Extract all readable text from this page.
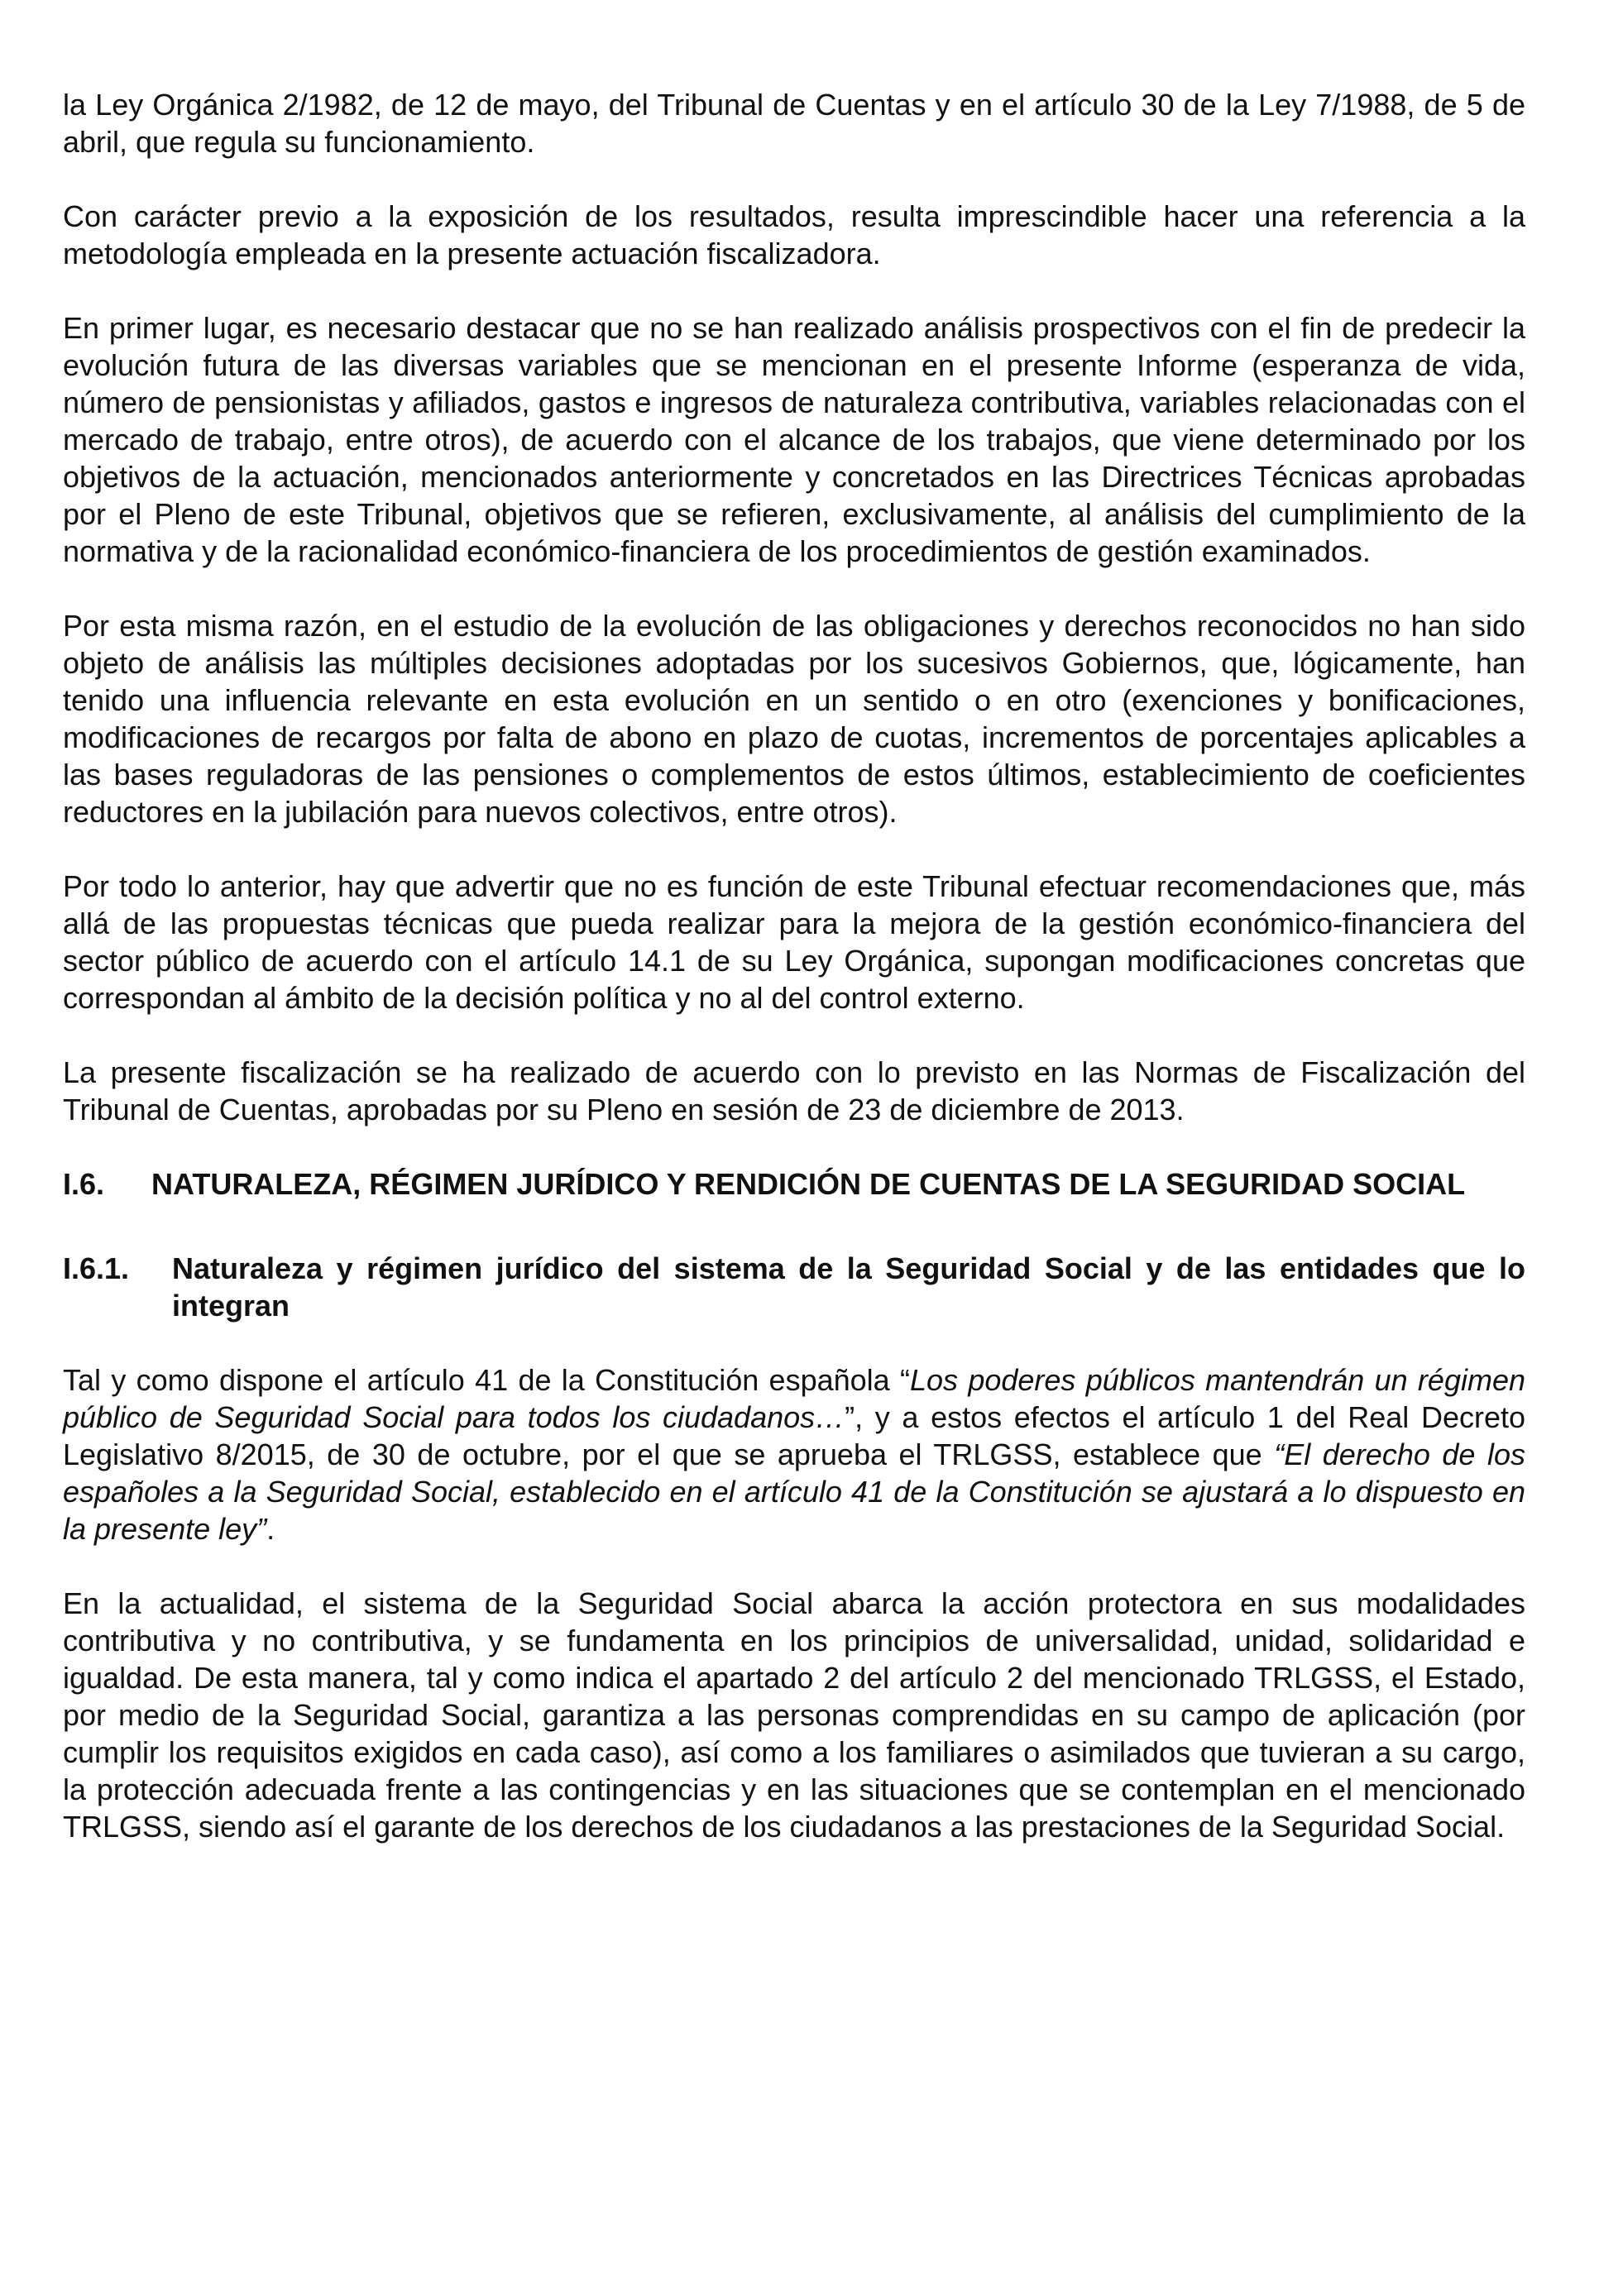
la Ley Orgánica 2/1982, de 12 de mayo, del Tribunal de Cuentas y en el artículo 30 de la Ley 7/1988, de 5 de abril, que regula su funcionamiento.

Con carácter previo a la exposición de los resultados, resulta imprescindible hacer una referencia a la metodología empleada en la presente actuación fiscalizadora.

En primer lugar, es necesario destacar que no se han realizado análisis prospectivos con el fin de predecir la evolución futura de las diversas variables que se mencionan en el presente Informe (esperanza de vida, número de pensionistas y afiliados, gastos e ingresos de naturaleza contributiva, variables relacionadas con el mercado de trabajo, entre otros), de acuerdo con el alcance de los trabajos, que viene determinado por los objetivos de la actuación, mencionados anteriormente y concretados en las Directrices Técnicas aprobadas por el Pleno de este Tribunal, objetivos que se refieren, exclusivamente, al análisis del cumplimiento de la normativa y de la racionalidad económico-financiera de los procedimientos de gestión examinados.

Por esta misma razón, en el estudio de la evolución de las obligaciones y derechos reconocidos no han sido objeto de análisis las múltiples decisiones adoptadas por los sucesivos Gobiernos, que, lógicamente, han tenido una influencia relevante en esta evolución en un sentido o en otro (exenciones y bonificaciones, modificaciones de recargos por falta de abono en plazo de cuotas, incrementos de porcentajes aplicables a las bases reguladoras de las pensiones o complementos de estos últimos, establecimiento de coeficientes reductores en la jubilación para nuevos colectivos, entre otros).

Por todo lo anterior, hay que advertir que no es función de este Tribunal efectuar recomendaciones que, más allá de las propuestas técnicas que pueda realizar para la mejora de la gestión económico-financiera del sector público de acuerdo con el artículo 14.1 de su Ley Orgánica, supongan modificaciones concretas que correspondan al ámbito de la decisión política y no al del control externo.

La presente fiscalización se ha realizado de acuerdo con lo previsto en las Normas de Fiscalización del Tribunal de Cuentas, aprobadas por su Pleno en sesión de 23 de diciembre de 2013.

I.6.	NATURALEZA, RÉGIMEN JURÍDICO Y RENDICIÓN DE CUENTAS DE LA SEGURIDAD SOCIAL
I.6.1.	Naturaleza y régimen jurídico del sistema de la Seguridad Social y de las entidades que lo integran

Tal y como dispone el artículo 41 de la Constitución española “Los poderes públicos mantendrán un régimen público de Seguridad Social para todos los ciudadanos…”, y a estos efectos el artículo 1 del Real Decreto Legislativo 8/2015, de 30 de octubre, por el que se aprueba el TRLGSS, establece que “El derecho de los españoles a la Seguridad Social, establecido en el artículo 41 de la Constitución se ajustará a lo dispuesto en la presente ley”.

En la actualidad, el sistema de la Seguridad Social abarca la acción protectora en sus modalidades contributiva y no contributiva, y se fundamenta en los principios de universalidad, unidad, solidaridad e igualdad. De esta manera, tal y como indica el apartado 2 del artículo 2 del mencionado TRLGSS, el Estado, por medio de la Seguridad Social, garantiza a las personas comprendidas en su campo de aplicación (por cumplir los requisitos exigidos en cada caso), así como a los familiares o asimilados que tuvieran a su cargo, la protección adecuada frente a las contingencias y en las situaciones que se contemplan en el mencionado TRLGSS, siendo así el garante de los derechos de los ciudadanos a las prestaciones de la Seguridad Social.
